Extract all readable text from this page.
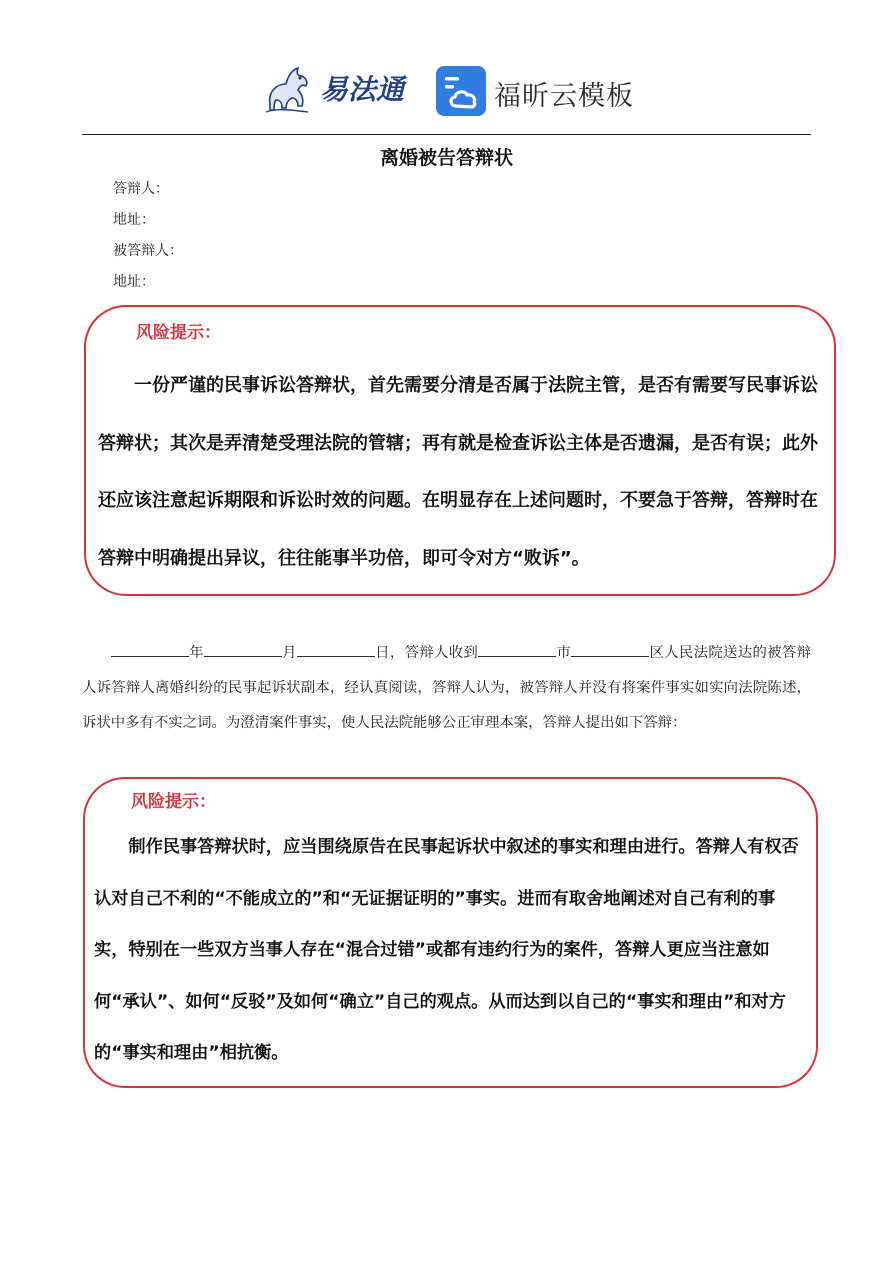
易法通	福昕云模板
离婚被告答辩状
答辩人：
地址：
被答辩人：
地址：
风险提示：
一份严谨的民事诉讼答辩状，首先需要分清是否属于法院主管，是否有需要写民事诉讼答辩状；其次是弄清楚受理法院的管辖；再有就是检查诉讼主体是否遗漏，是否有误；此外还应该注意起诉期限和诉讼时效的问题。在明显存在上述问题时，不要急于答辩，答辩时在答辩中明确提出异议，往往能事半功倍，即可令对方“败诉”。
年	月	日，答辩人收到	市	区人民法院送达的被答辩人诉答辩人离婚纠纷的民事起诉状副本，经认真阅读，答辩人认为，被答辩人并没有将案件事实如实向法院陈述，诉状中多有不实之词。为澄清案件事实，使人民法院能够公正审理本案，答辩人提出如下答辩：
风险提示：
制作民事答辩状时，应当围绕原告在民事起诉状中叙述的事实和理由进行。答辩人有权否认对自己不利的“不能成立的”和“无证据证明的”事实。进而有取舍地阐述对自己有利的事实，特别在一些双方当事人存在“混合过错”或都有违约行为的案件，答辩人更应当注意如何“承认”、如何“反驳”及如何“确立”自己的观点。从而达到以自己的“事实和理由”和对方的“事实和理由”相抗衡。
